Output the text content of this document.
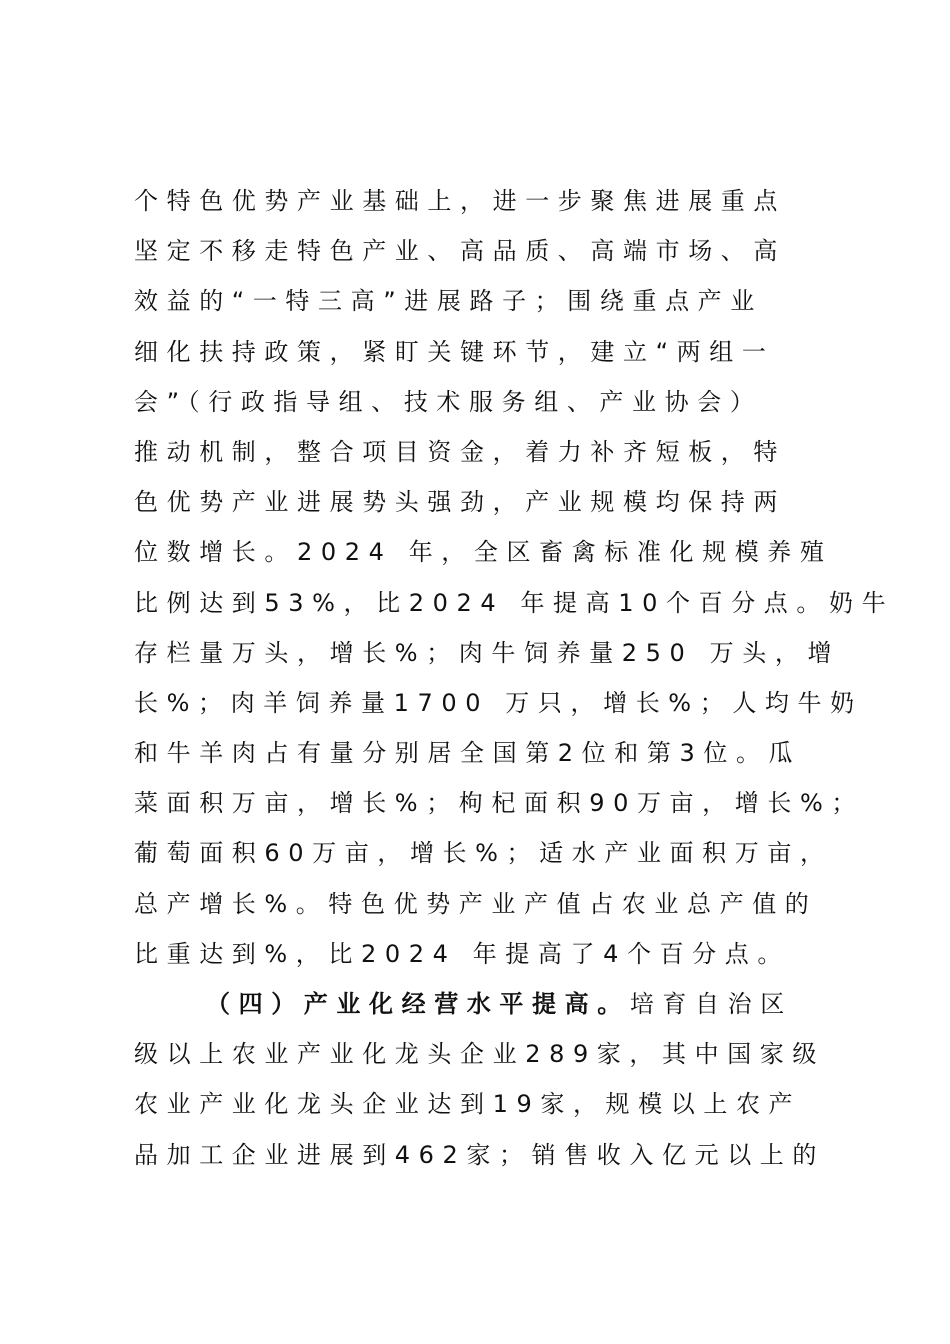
个特色优势产业基础上，进一步聚焦进展重点
坚定不移走特色产业、高品质、高端市场、高
效益的“一特三高”进展路子；围绕重点产业
细化扶持政策，紧盯关键环节，建立“两组一
会”（行政指导组、技术服务组、产业协会）
推动机制，整合项目资金，着力补齐短板，特
色优势产业进展势头强劲，产业规模均保持两
位数增长。2024 年，全区畜禽标准化规模养殖
比例达到53%，比2024 年提高10个百分点。奶牛
存栏量万头，增长%；肉牛饲养量250 万头，增
长%；肉羊饲养量1700 万只，增长%；人均牛奶
和牛羊肉占有量分别居全国第2位和第3位。瓜
菜面积万亩，增长%；枸杞面积90万亩，增长%；
葡萄面积60万亩，增长%；适水产业面积万亩，
总产增长%。特色优势产业产值占农业总产值的
比重达到%，比2024 年提高了4个百分点。
（四）产业化经营水平提高。培育自治区
级以上农业产业化龙头企业289家，其中国家级
农业产业化龙头企业达到19家，规模以上农产
品加工企业进展到462家；销售收入亿元以上的
